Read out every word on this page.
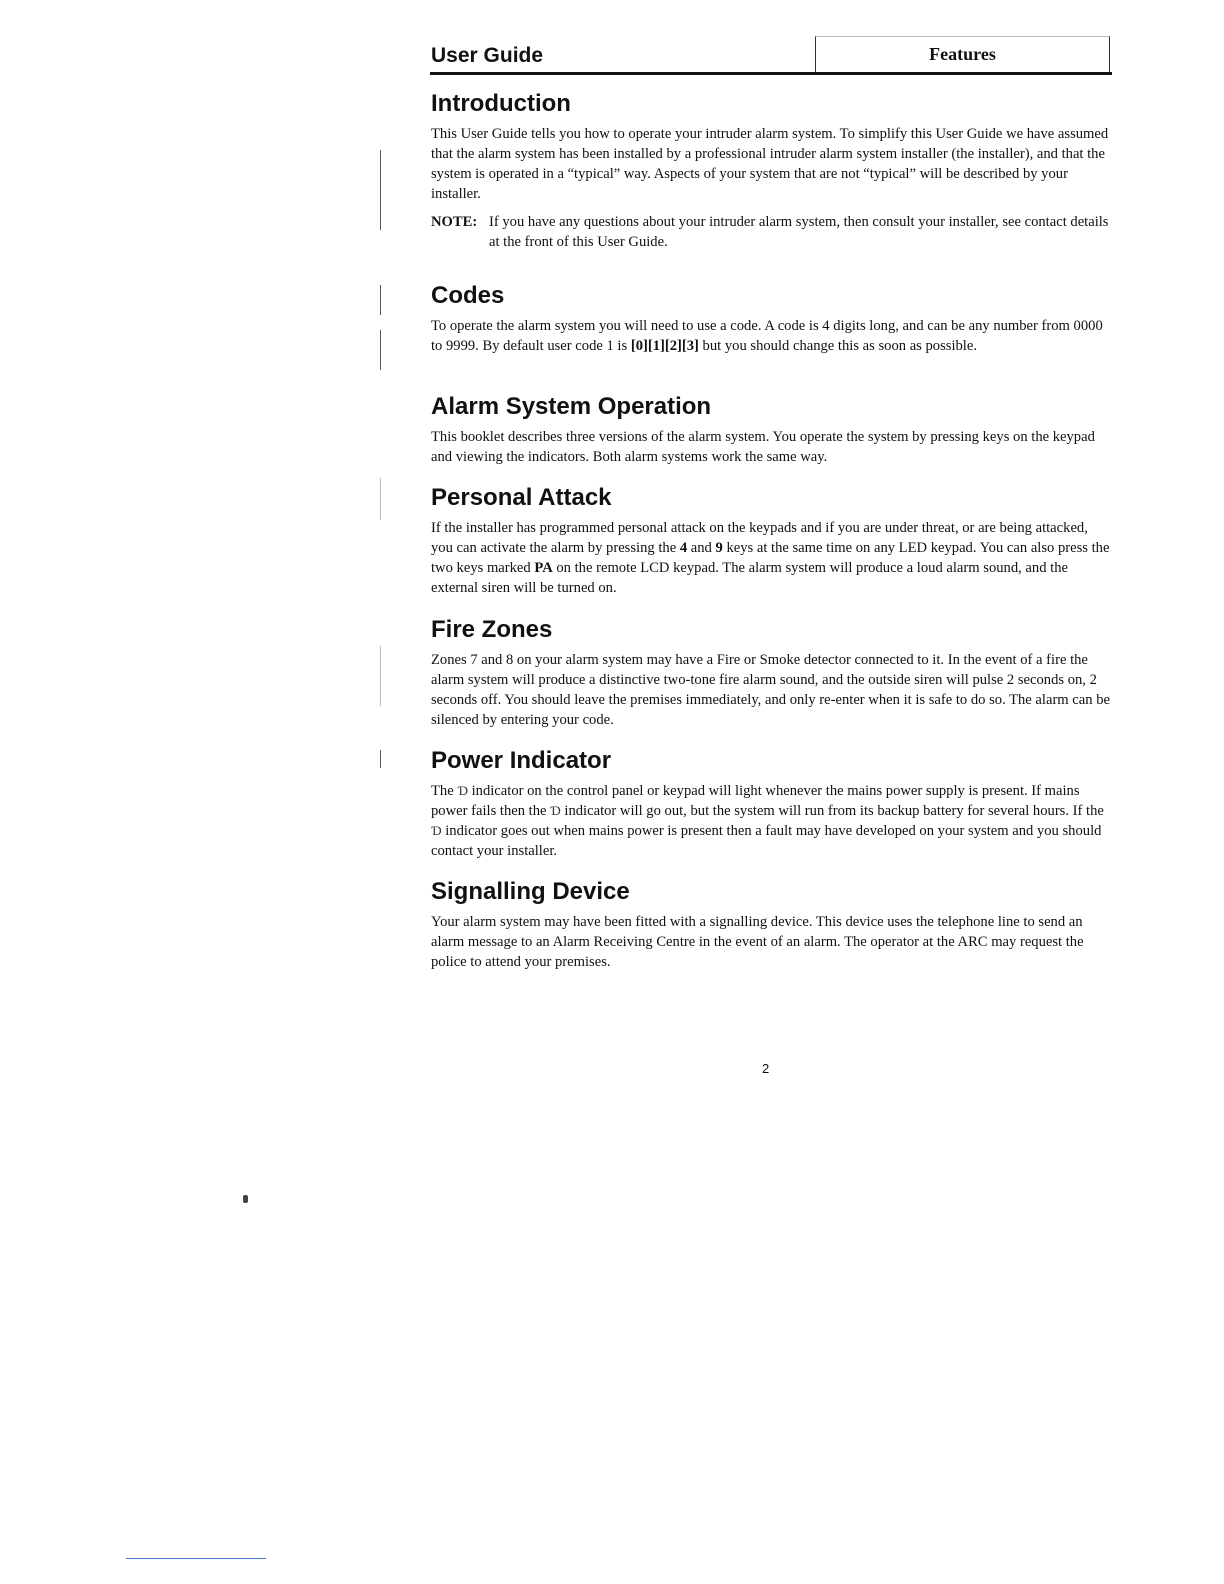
User Guide	Features
Introduction

This User Guide tells you how to operate your intruder alarm system. To simplify this User Guide we have assumed that the alarm system has been installed by a professional intruder alarm system installer (the installer), and that the system is operated in a “typical” way. Aspects of your system that are not “typical” will be described by your installer.

NOTE: If you have any questions about your intruder alarm system, then consult your installer, see contact details at the front of this User Guide.
Codes

To operate the alarm system you will need to use a code. A code is 4 digits long, and can be any number from 0000 to 9999. By default user code 1 is [0][1][2][3] but you should change this as soon as possible.

Alarm System Operation

This booklet describes three versions of the alarm system. You operate the system by pressing keys on the keypad and viewing the indicators. Both alarm systems work the same way.

Personal Attack

If the installer has programmed personal attack on the keypads and if you are under threat, or are being attacked, you can activate the alarm by pressing the 4 and 9 keys at the same time on any LED keypad. You can also press the two keys marked PA on the remote LCD keypad. The alarm system will produce a loud alarm sound, and the external siren will be turned on.

Fire Zones

Zones 7 and 8 on your alarm system may have a Fire or Smoke detector connected to it. In the event of a fire the alarm system will produce a distinctive two-tone fire alarm sound, and the outside siren will pulse 2 seconds on, 2 seconds off. You should leave the premises immediately, and only re-enter when it is safe to do so. The alarm can be silenced by entering your code.

Power Indicator

The Ɗ indicator on the control panel or keypad will light whenever the mains power supply is present. If mains power fails then the Ɗ indicator will go out, but the system will run from its backup battery for several hours. If the Ɗ indicator goes out when mains power is present then a fault may have developed on your system and you should contact your installer.

Signalling Device

Your alarm system may have been fitted with a signalling device. This device uses the telephone line to send an alarm message to an Alarm Receiving Centre in the event of an alarm. The operator at the ARC may request the police to attend your premises.

2
